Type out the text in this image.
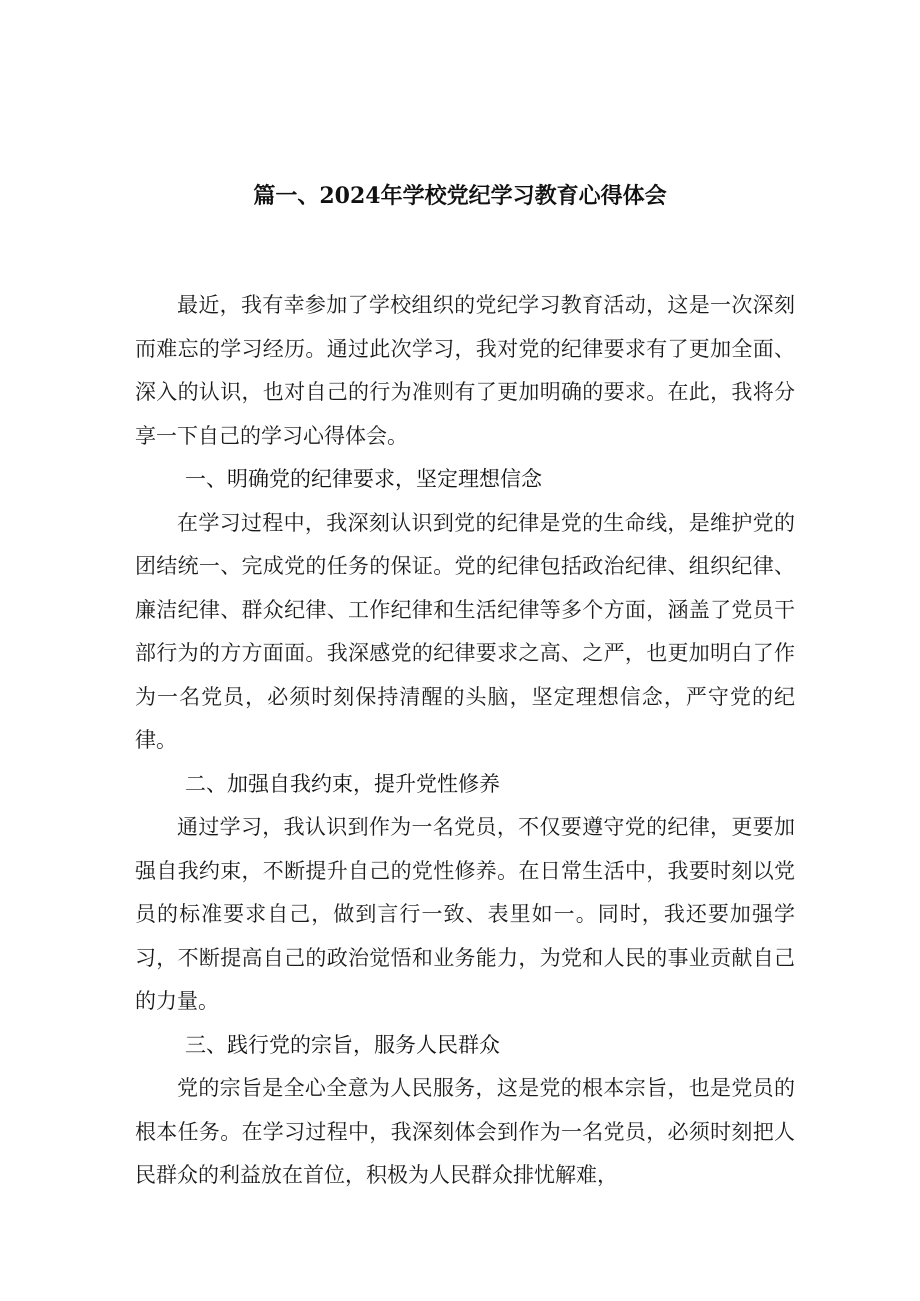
篇一、2024年学校党纪学习教育心得体会

最近，我有幸参加了学校组织的党纪学习教育活动，这是一次深刻而难忘的学习经历。通过此次学习，我对党的纪律要求有了更加全面、深入的认识，也对自己的行为准则有了更加明确的要求。在此，我将分享一下自己的学习心得体会。

一、明确党的纪律要求，坚定理想信念

在学习过程中，我深刻认识到党的纪律是党的生命线，是维护党的团结统一、完成党的任务的保证。党的纪律包括政治纪律、组织纪律、廉洁纪律、群众纪律、工作纪律和生活纪律等多个方面，涵盖了党员干部行为的方方面面。我深感党的纪律要求之高、之严，也更加明白了作为一名党员，必须时刻保持清醒的头脑，坚定理想信念，严守党的纪律。

二、加强自我约束，提升党性修养

通过学习，我认识到作为一名党员，不仅要遵守党的纪律，更要加强自我约束，不断提升自己的党性修养。在日常生活中，我要时刻以党员的标准要求自己，做到言行一致、表里如一。同时，我还要加强学习，不断提高自己的政治觉悟和业务能力，为党和人民的事业贡献自己的力量。

三、践行党的宗旨，服务人民群众

党的宗旨是全心全意为人民服务，这是党的根本宗旨，也是党员的根本任务。在学习过程中，我深刻体会到作为一名党员，必须时刻把人民群众的利益放在首位，积极为人民群众排忧解难，
